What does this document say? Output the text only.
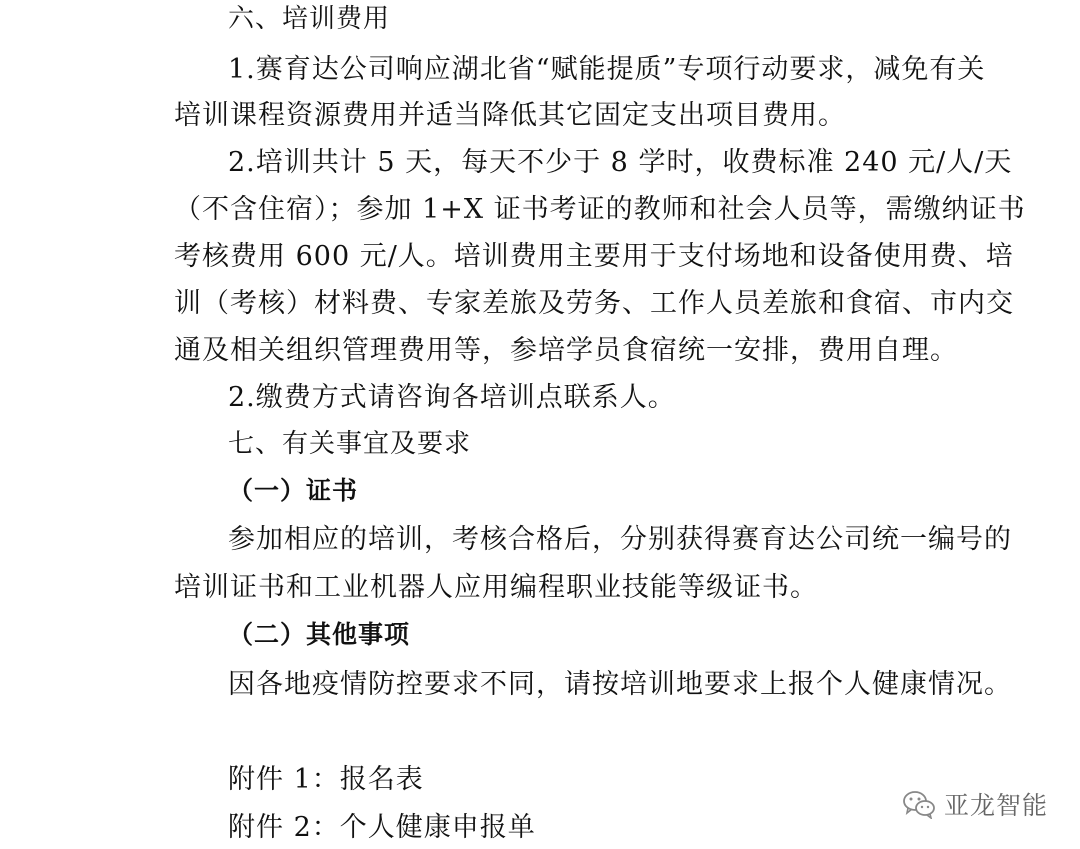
六、培训费用
1.赛育达公司响应湖北省“赋能提质”专项行动要求，减免有关
培训课程资源费用并适当降低其它固定支出项目费用。
2.培训共计 5 天，每天不少于 8 学时，收费标准 240 元/人/天
（不含住宿）；参加 1+X 证书考证的教师和社会人员等，需缴纳证书
考核费用 600 元/人。培训费用主要用于支付场地和设备使用费、培
训（考核）材料费、专家差旅及劳务、工作人员差旅和食宿、市内交
通及相关组织管理费用等，参培学员食宿统一安排，费用自理。
2.缴费方式请咨询各培训点联系人。
七、有关事宜及要求
（一）证书
参加相应的培训，考核合格后，分别获得赛育达公司统一编号的
培训证书和工业机器人应用编程职业技能等级证书。
（二）其他事项
因各地疫情防控要求不同，请按培训地要求上报个人健康情况。
附件 1：报名表
附件 2：个人健康申报单
亚龙智能
